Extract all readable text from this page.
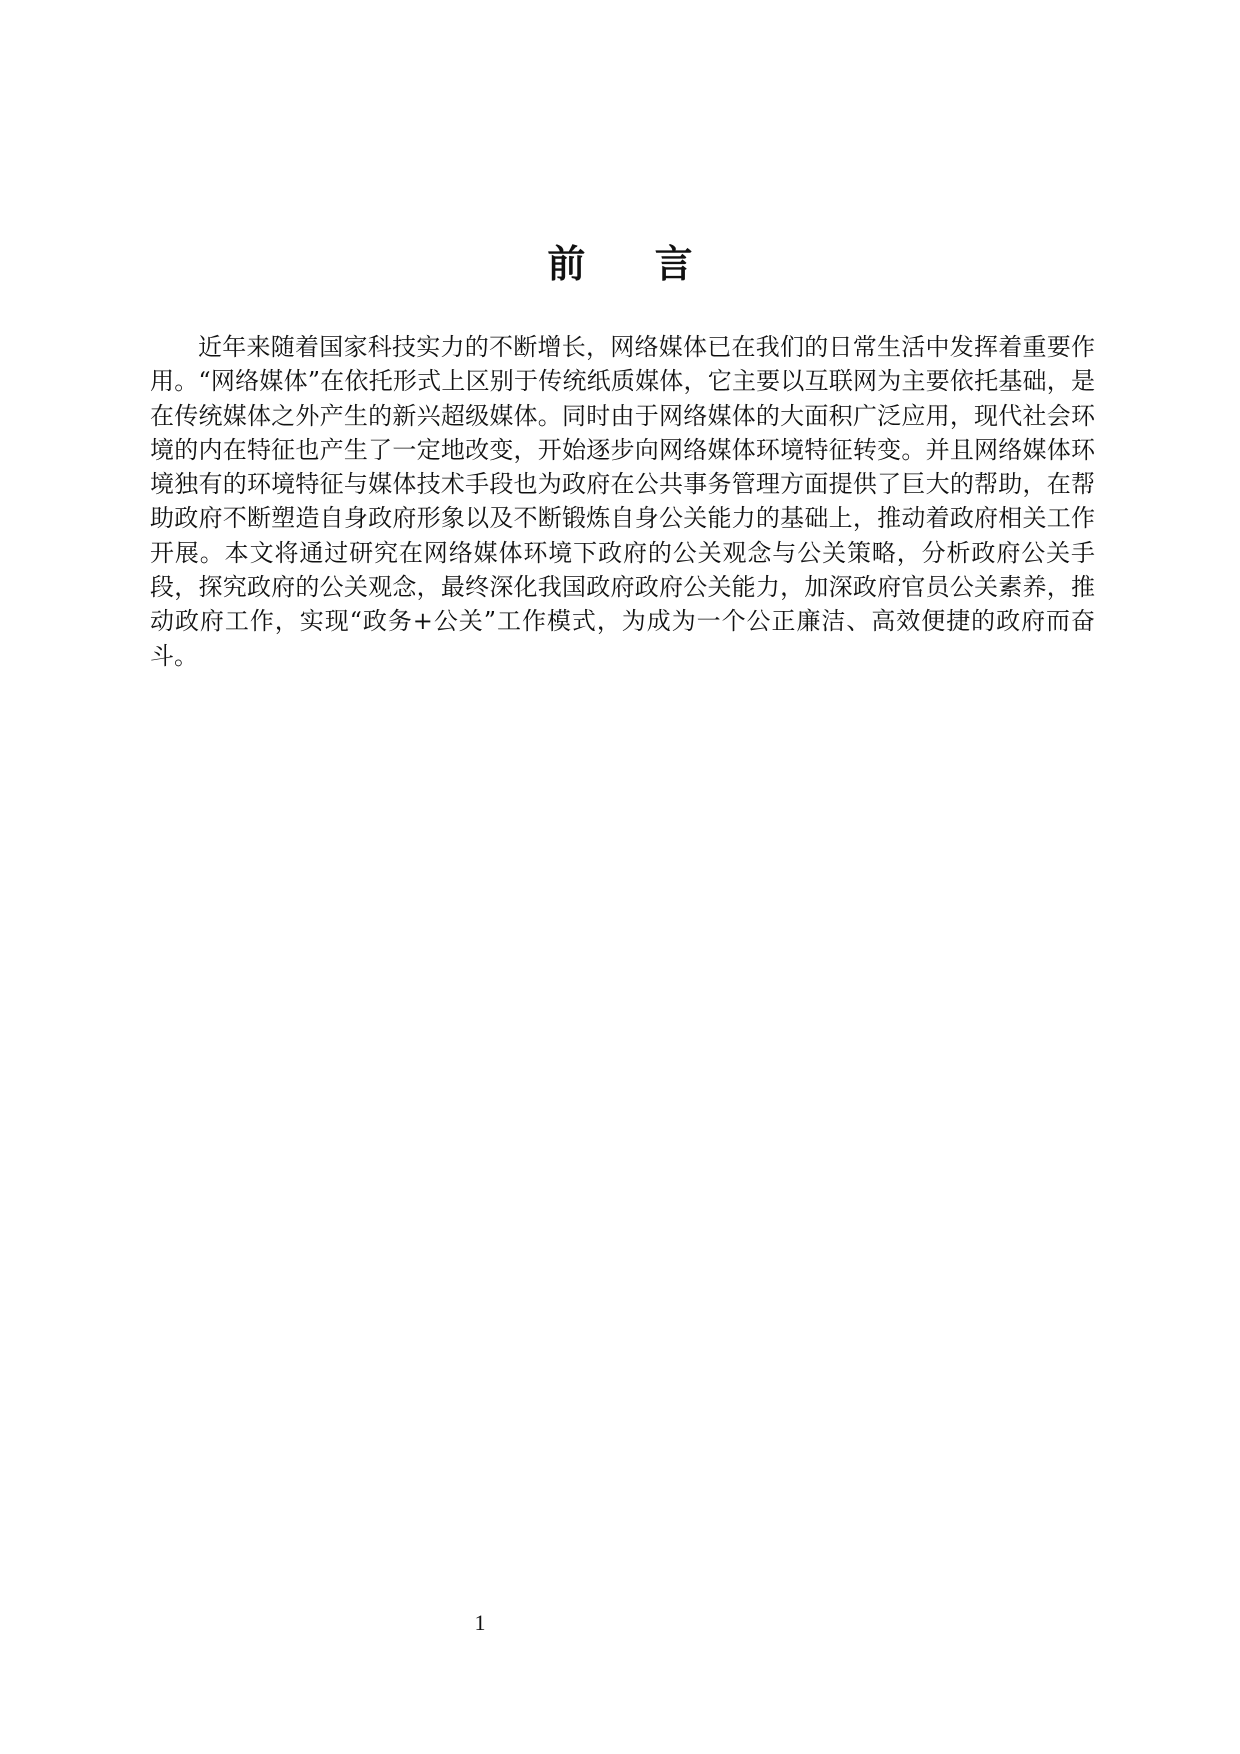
前 言

近年来随着国家科技实力的不断增长，网络媒体已在我们的日常生活中发挥着重要作用。“网络媒体”在依托形式上区别于传统纸质媒体，它主要以互联网为主要依托基础，是在传统媒体之外产生的新兴超级媒体。同时由于网络媒体的大面积广泛应用，现代社会环境的内在特征也产生了一定地改变，开始逐步向网络媒体环境特征转变。并且网络媒体环境独有的环境特征与媒体技术手段也为政府在公共事务管理方面提供了巨大的帮助，在帮助政府不断塑造自身政府形象以及不断锻炼自身公关能力的基础上，推动着政府相关工作开展。本文将通过研究在网络媒体环境下政府的公关观念与公关策略，分析政府公关手段，探究政府的公关观念，最终深化我国政府政府公关能力，加深政府官员公关素养，推动政府工作，实现“政务+公关”工作模式，为成为一个公正廉洁、高效便捷的政府而奋斗。

1
